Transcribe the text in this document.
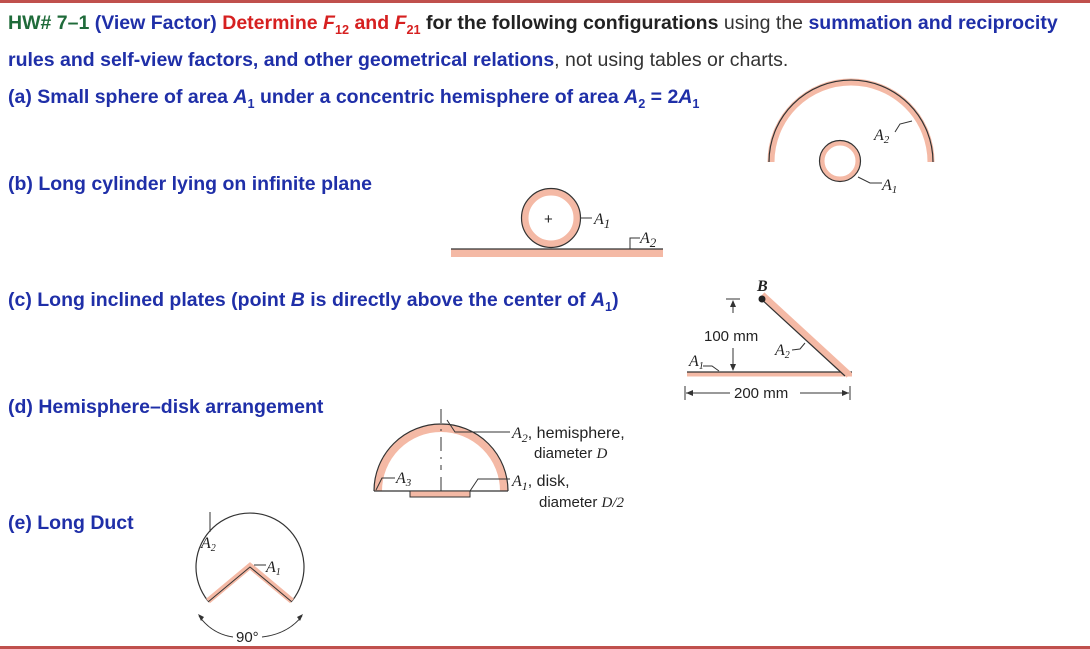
HW# 7–1 (View Factor) Determine $F_{12}$ and $F_{21}$ for the following configurations using the summation and reciprocity rules and self-view factors, and other geometrical relations, not using tables or charts.
(a) Small sphere of area $A_1$ under a concentric hemisphere of area $A_2 = 2A_1$
(b) Long cylinder lying on infinite plane
(c) Long inclined plates (point B is directly above the center of $A_1$)
(d) Hemisphere–disk arrangement
(e) Long Duct
A2
A1
+	$A_1$
$A_2$
B
100 mm
A1
A2
200 mm
$A_2$, hemisphere,
diameter D
$A_1$, disk,
diameter D/2
A3
A2
A1
90°
